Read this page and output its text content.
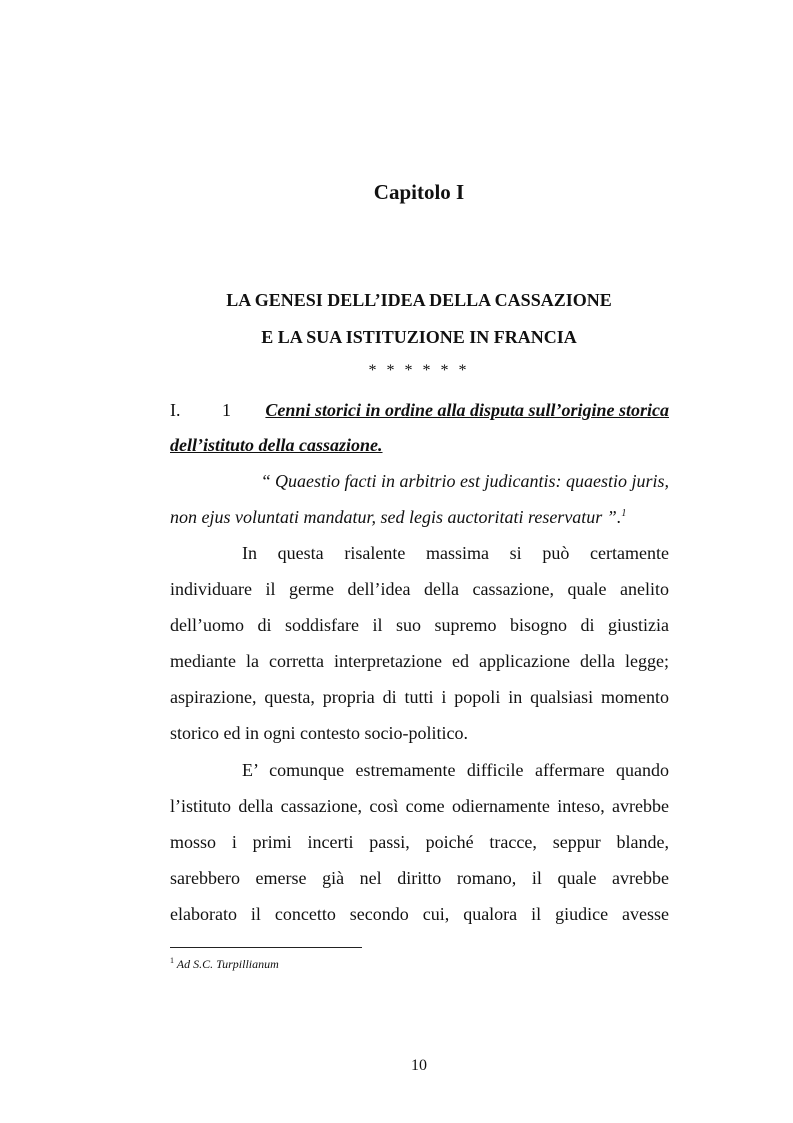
Capitolo I
LA GENESI DELL’IDEA DELLA CASSAZIONE
E LA SUA ISTITUZIONE IN FRANCIA
* * * * * *
I. 1	Cenni storici in ordine alla disputa sull’origine storica
dell’istituto della cassazione.
“ Quaestio facti in arbitrio est judicantis: quaestio juris,
non ejus voluntati mandatur, sed legis auctoritati reservatur ”.$^1$
In questa risalente massima si può certamente
individuare il germe dell’idea della cassazione, quale anelito
dell’uomo di soddisfare il suo supremo bisogno di giustizia
mediante la corretta interpretazione ed applicazione della legge;
aspirazione, questa, propria di tutti i popoli in qualsiasi momento
storico ed in ogni contesto socio-politico.
E’ comunque estremamente difficile affermare quando
l’istituto della cassazione, così come odiernamente inteso, avrebbe
mosso i primi incerti passi, poiché tracce, seppur blande,
sarebbero emerse già nel diritto romano, il quale avrebbe
elaborato il concetto secondo cui, qualora il giudice avesse
$^1$ Ad S.C. Turpillianum
10
